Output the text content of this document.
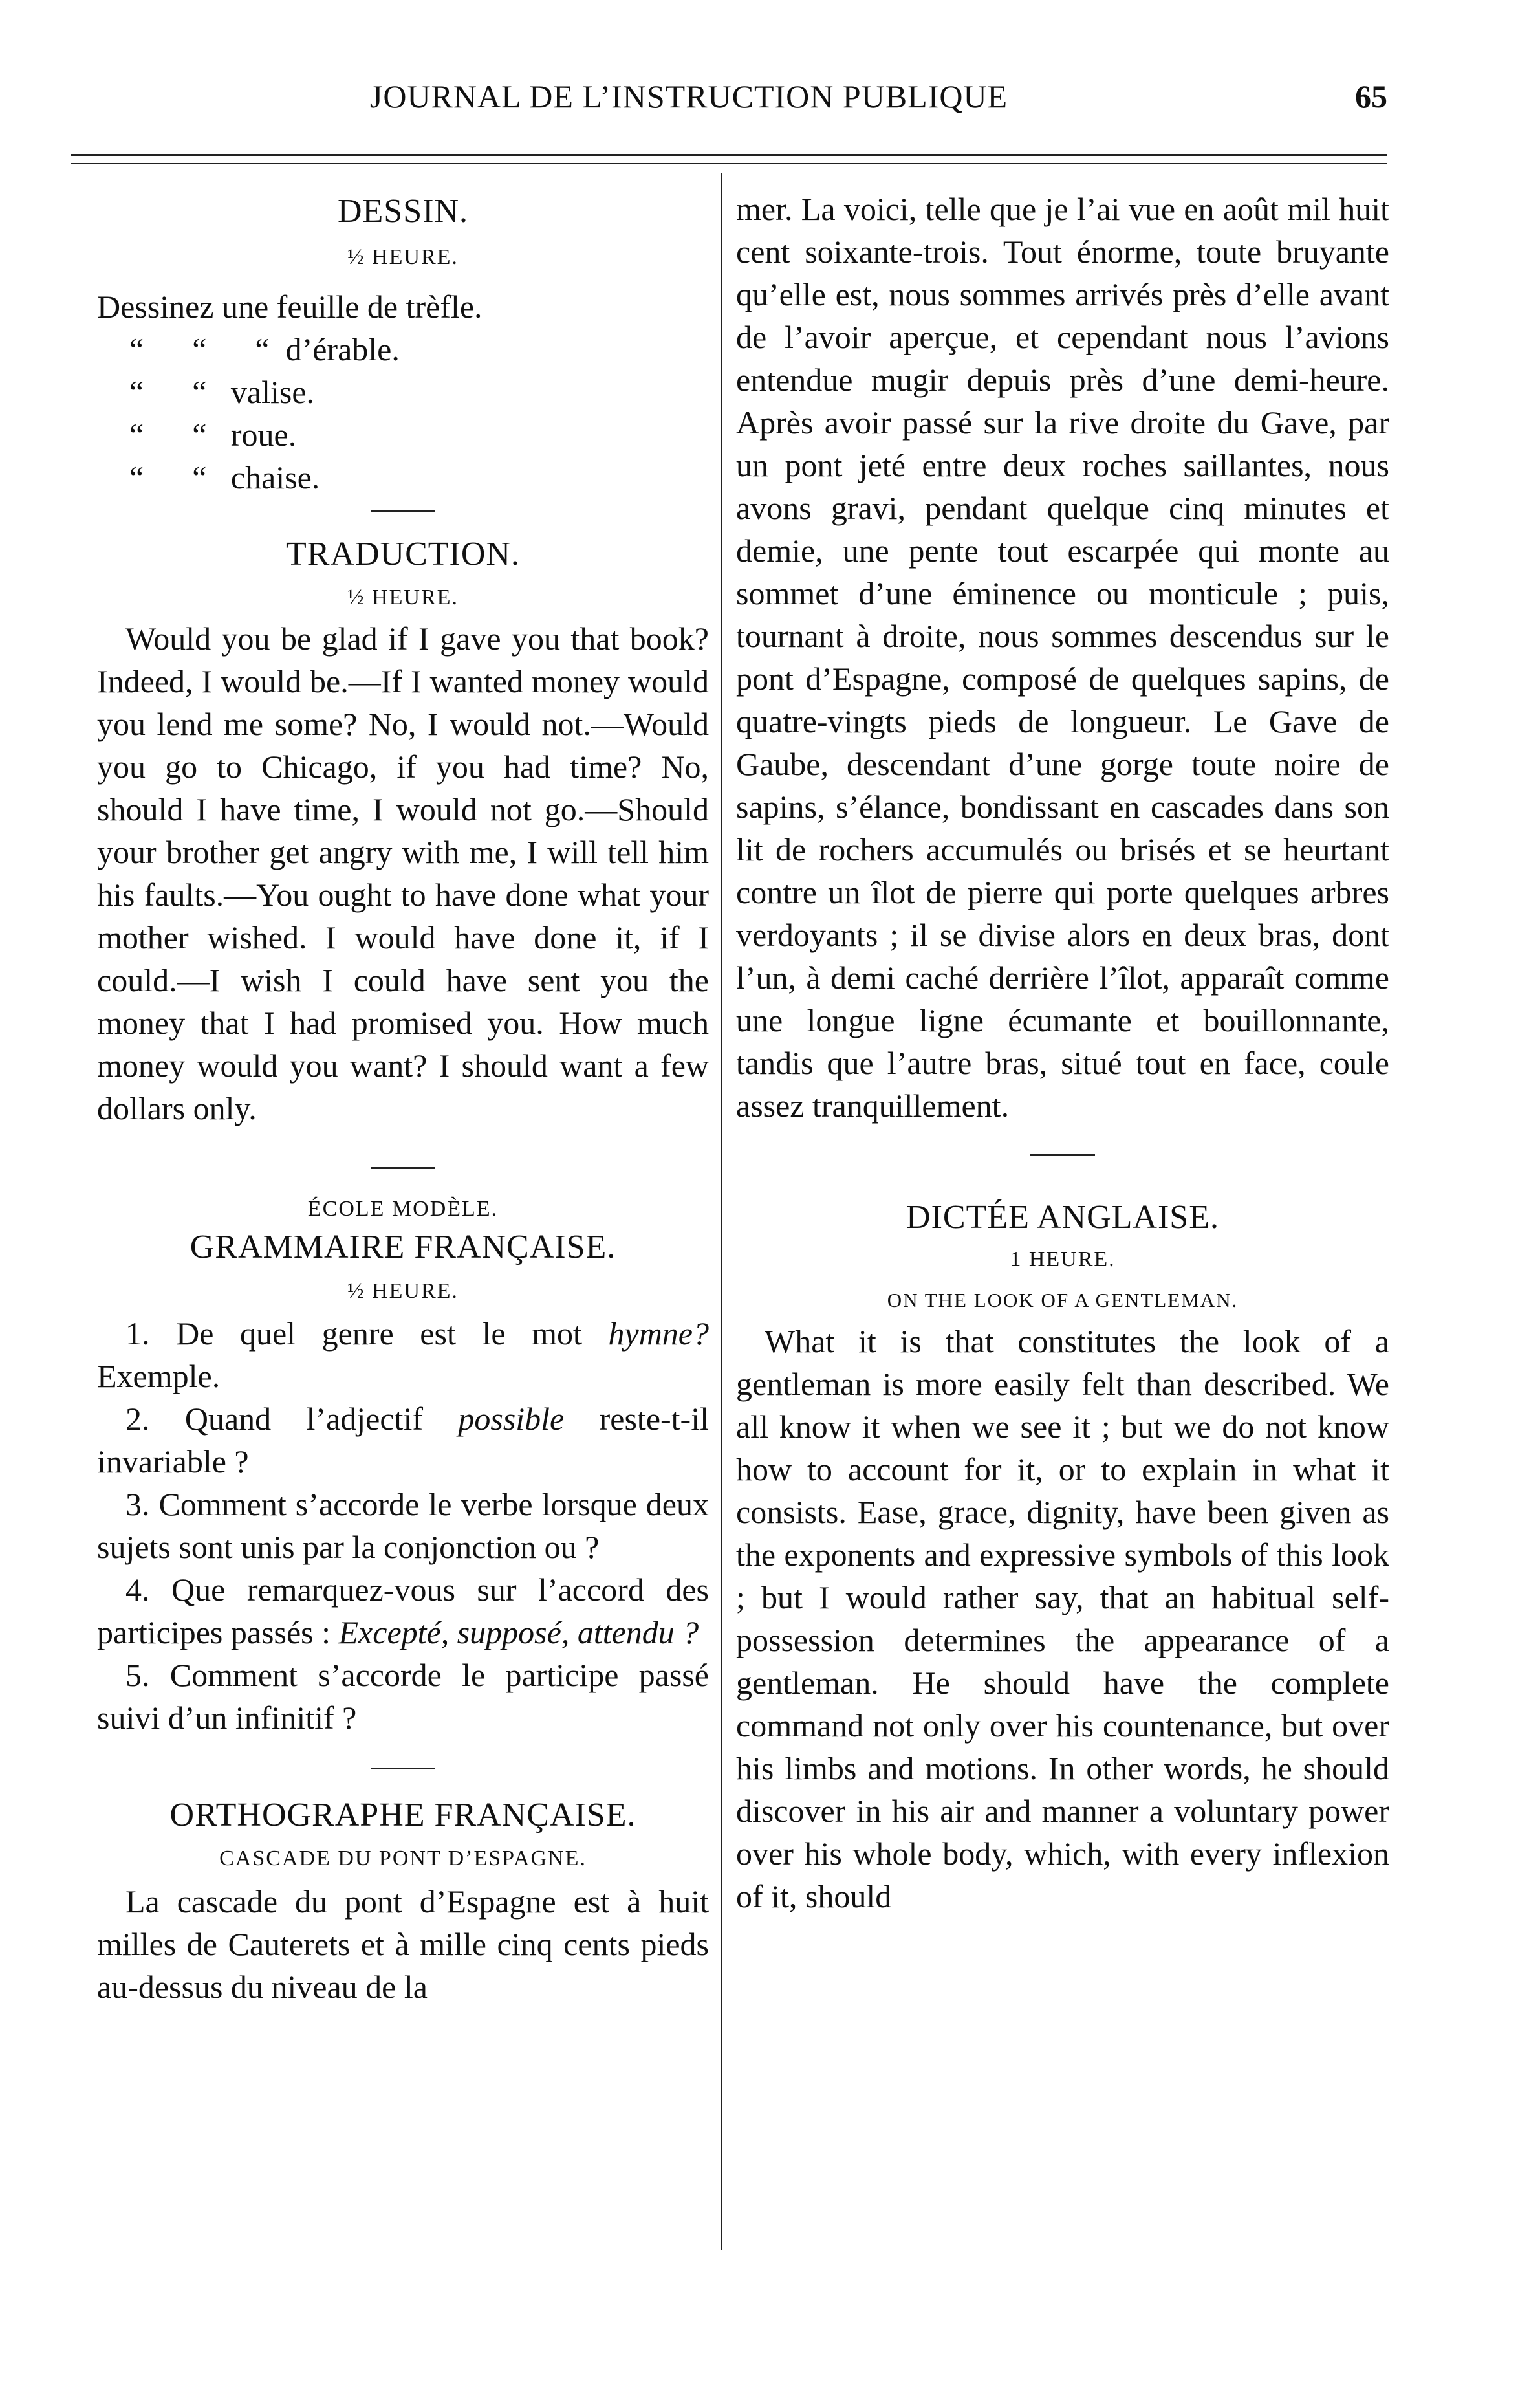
JOURNAL DE L’INSTRUCTION PUBLIQUE	65
DESSIN.
½ HEURE.
Dessinez une feuille de trèfle.
“      “      “  d’érable.
“      “   valise.
“      “   roue.
“      “   chaise.
TRADUCTION.
½ HEURE.

Would you be glad if I gave you that book? Indeed, I would be.—If I wanted money would you lend me some? No, I would not.—Would you go to Chicago, if you had time? No, should I have time, I would not go.—Should your brother get angry with me, I will tell him his faults.—You ought to have done what your mother wished. I would have done it, if I could.—I wish I could have sent you the money that I had promised you. How much money would you want? I should want a few dollars only.

ÉCOLE MODÈLE.
GRAMMAIRE FRANÇAISE.
½ HEURE.

1. De quel genre est le mot hymne? Exemple.

2. Quand l’adjectif possible reste-t-il invariable ?

3. Comment s’accorde le verbe lorsque deux sujets sont unis par la conjonction ou ?

4. Que remarquez-vous sur l’accord des participes passés : Excepté, supposé, attendu ?

5. Comment s’accorde le participe passé suivi d’un infinitif ?

ORTHOGRAPHE FRANÇAISE.
CASCADE DU PONT D’ESPAGNE.

La cascade du pont d’Espagne est à huit milles de Cauterets et à mille cinq cents pieds au-dessus du niveau de la

mer. La voici, telle que je l’ai vue en août mil huit cent soixante-trois. Tout énorme, toute bruyante qu’elle est, nous sommes arrivés près d’elle avant de l’avoir aperçue, et cependant nous l’avions entendue mugir depuis près d’une demi-heure. Après avoir passé sur la rive droite du Gave, par un pont jeté entre deux roches saillantes, nous avons gravi, pendant quelque cinq minutes et demie, une pente tout escarpée qui monte au sommet d’une éminence ou monticule ; puis, tournant à droite, nous sommes descendus sur le pont d’Espagne, composé de quelques sapins, de quatre-vingts pieds de longueur. Le Gave de Gaube, descendant d’une gorge toute noire de sapins, s’élance, bondissant en cascades dans son lit de rochers accumulés ou brisés et se heurtant contre un îlot de pierre qui porte quelques arbres verdoyants ; il se divise alors en deux bras, dont l’un, à demi caché derrière l’îlot, apparaît comme une longue ligne écumante et bouillonnante, tandis que l’autre bras, situé tout en face, coule assez tranquillement.

DICTÉE ANGLAISE.
1 HEURE.
ON THE LOOK OF A GENTLEMAN.

What it is that constitutes the look of a gentleman is more easily felt than described. We all know it when we see it ; but we do not know how to account for it, or to explain in what it consists. Ease, grace, dignity, have been given as the exponents and expressive symbols of this look ; but I would rather say, that an habitual self-possession determines the appearance of a gentleman. He should have the complete command not only over his countenance, but over his limbs and motions. In other words, he should discover in his air and manner a voluntary power over his whole body, which, with every inflexion of it, should
